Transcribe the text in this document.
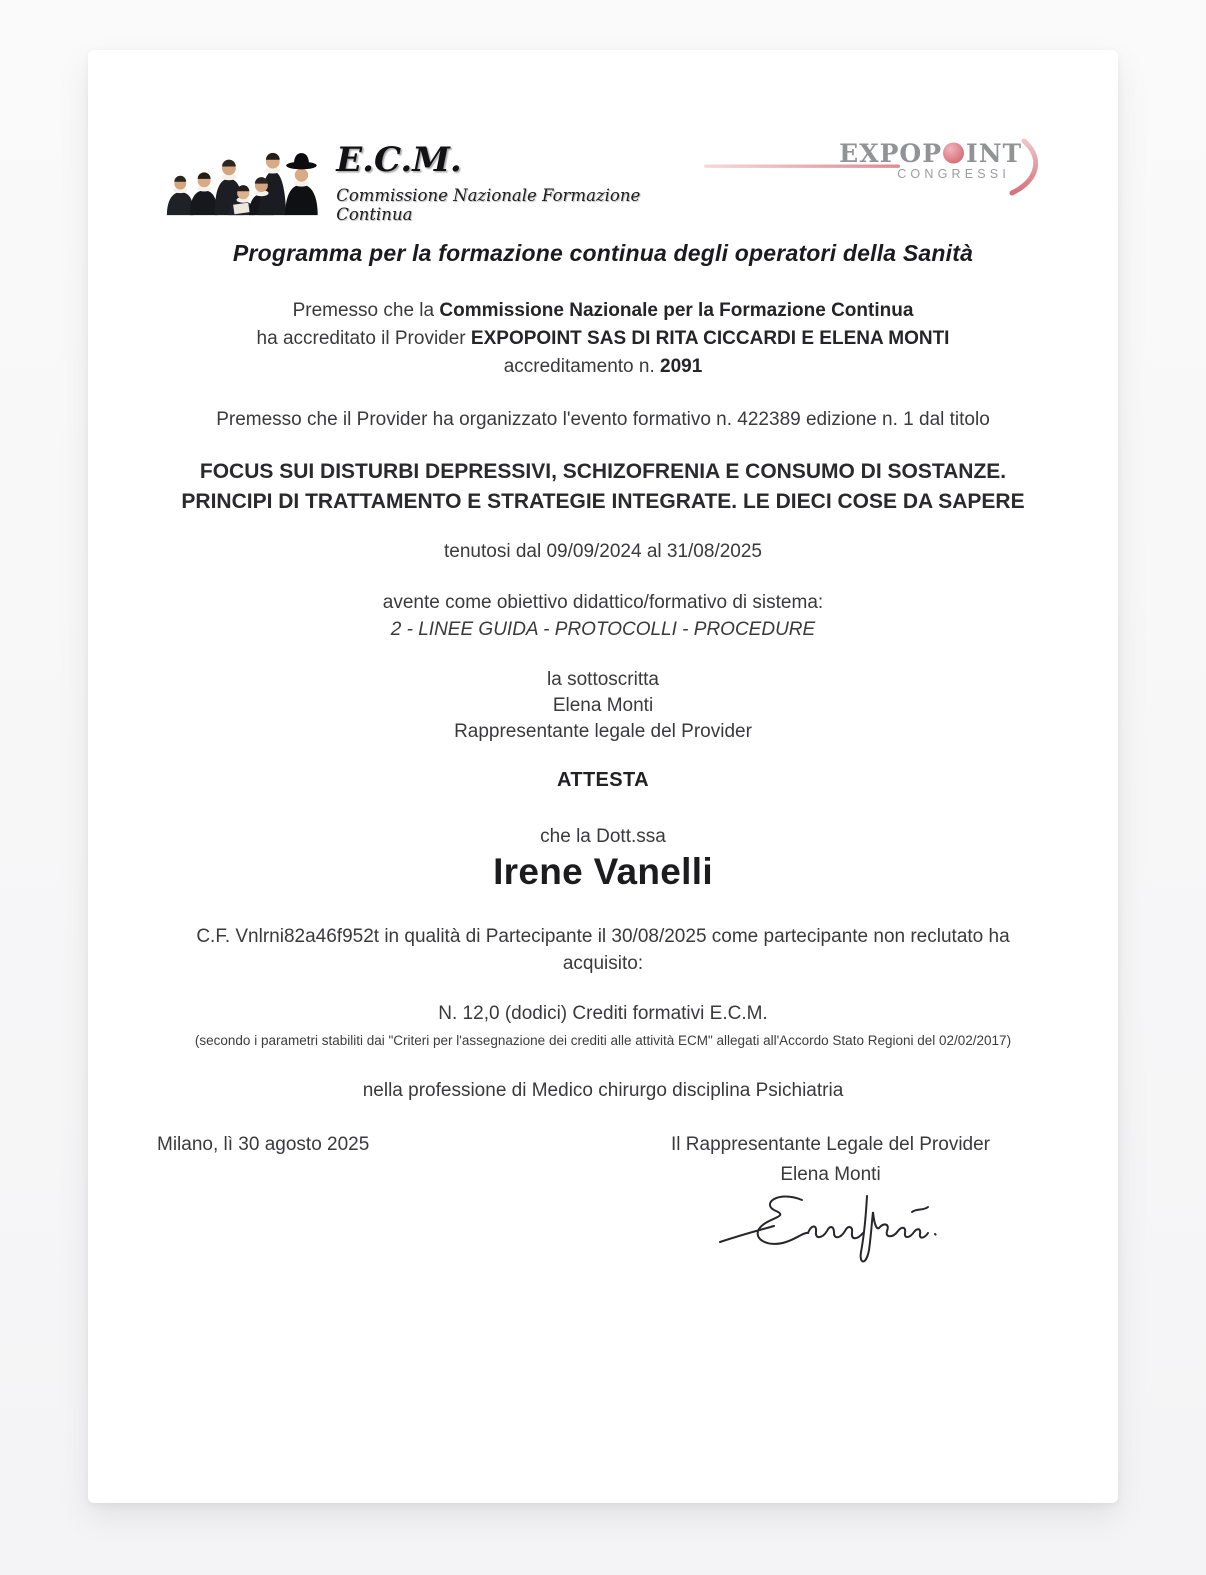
E.C.M.
Commissione Nazionale Formazione Continua
EXPOP INT
CONGRESSI
Programma per la formazione continua degli operatori della Sanità
Premesso che la Commissione Nazionale per la Formazione Continua
ha accreditato il Provider EXPOPOINT SAS DI RITA CICCARDI E ELENA MONTI
accreditamento n. 2091
Premesso che il Provider ha organizzato l'evento formativo n. 422389 edizione n. 1 dal titolo
FOCUS SUI DISTURBI DEPRESSIVI, SCHIZOFRENIA E CONSUMO DI SOSTANZE. PRINCIPI DI TRATTAMENTO E STRATEGIE INTEGRATE. LE DIECI COSE DA SAPERE
tenutosi dal 09/09/2024 al 31/08/2025
avente come obiettivo didattico/formativo di sistema:
2 - LINEE GUIDA - PROTOCOLLI - PROCEDURE
la sottoscritta
Elena Monti
Rappresentante legale del Provider
ATTESTA
che la Dott.ssa
Irene Vanelli
C.F. Vnlrni82a46f952t in qualità di Partecipante il 30/08/2025 come partecipante non reclutato ha acquisito:
N. 12,0 (dodici) Crediti formativi E.C.M.
(secondo i parametri stabiliti dai "Criteri per l'assegnazione dei crediti alle attività ECM" allegati all'Accordo Stato Regioni del 02/02/2017)
nella professione di Medico chirurgo disciplina Psichiatria
Milano, lì 30 agosto 2025	Il Rappresentante Legale del Provider
Elena Monti
